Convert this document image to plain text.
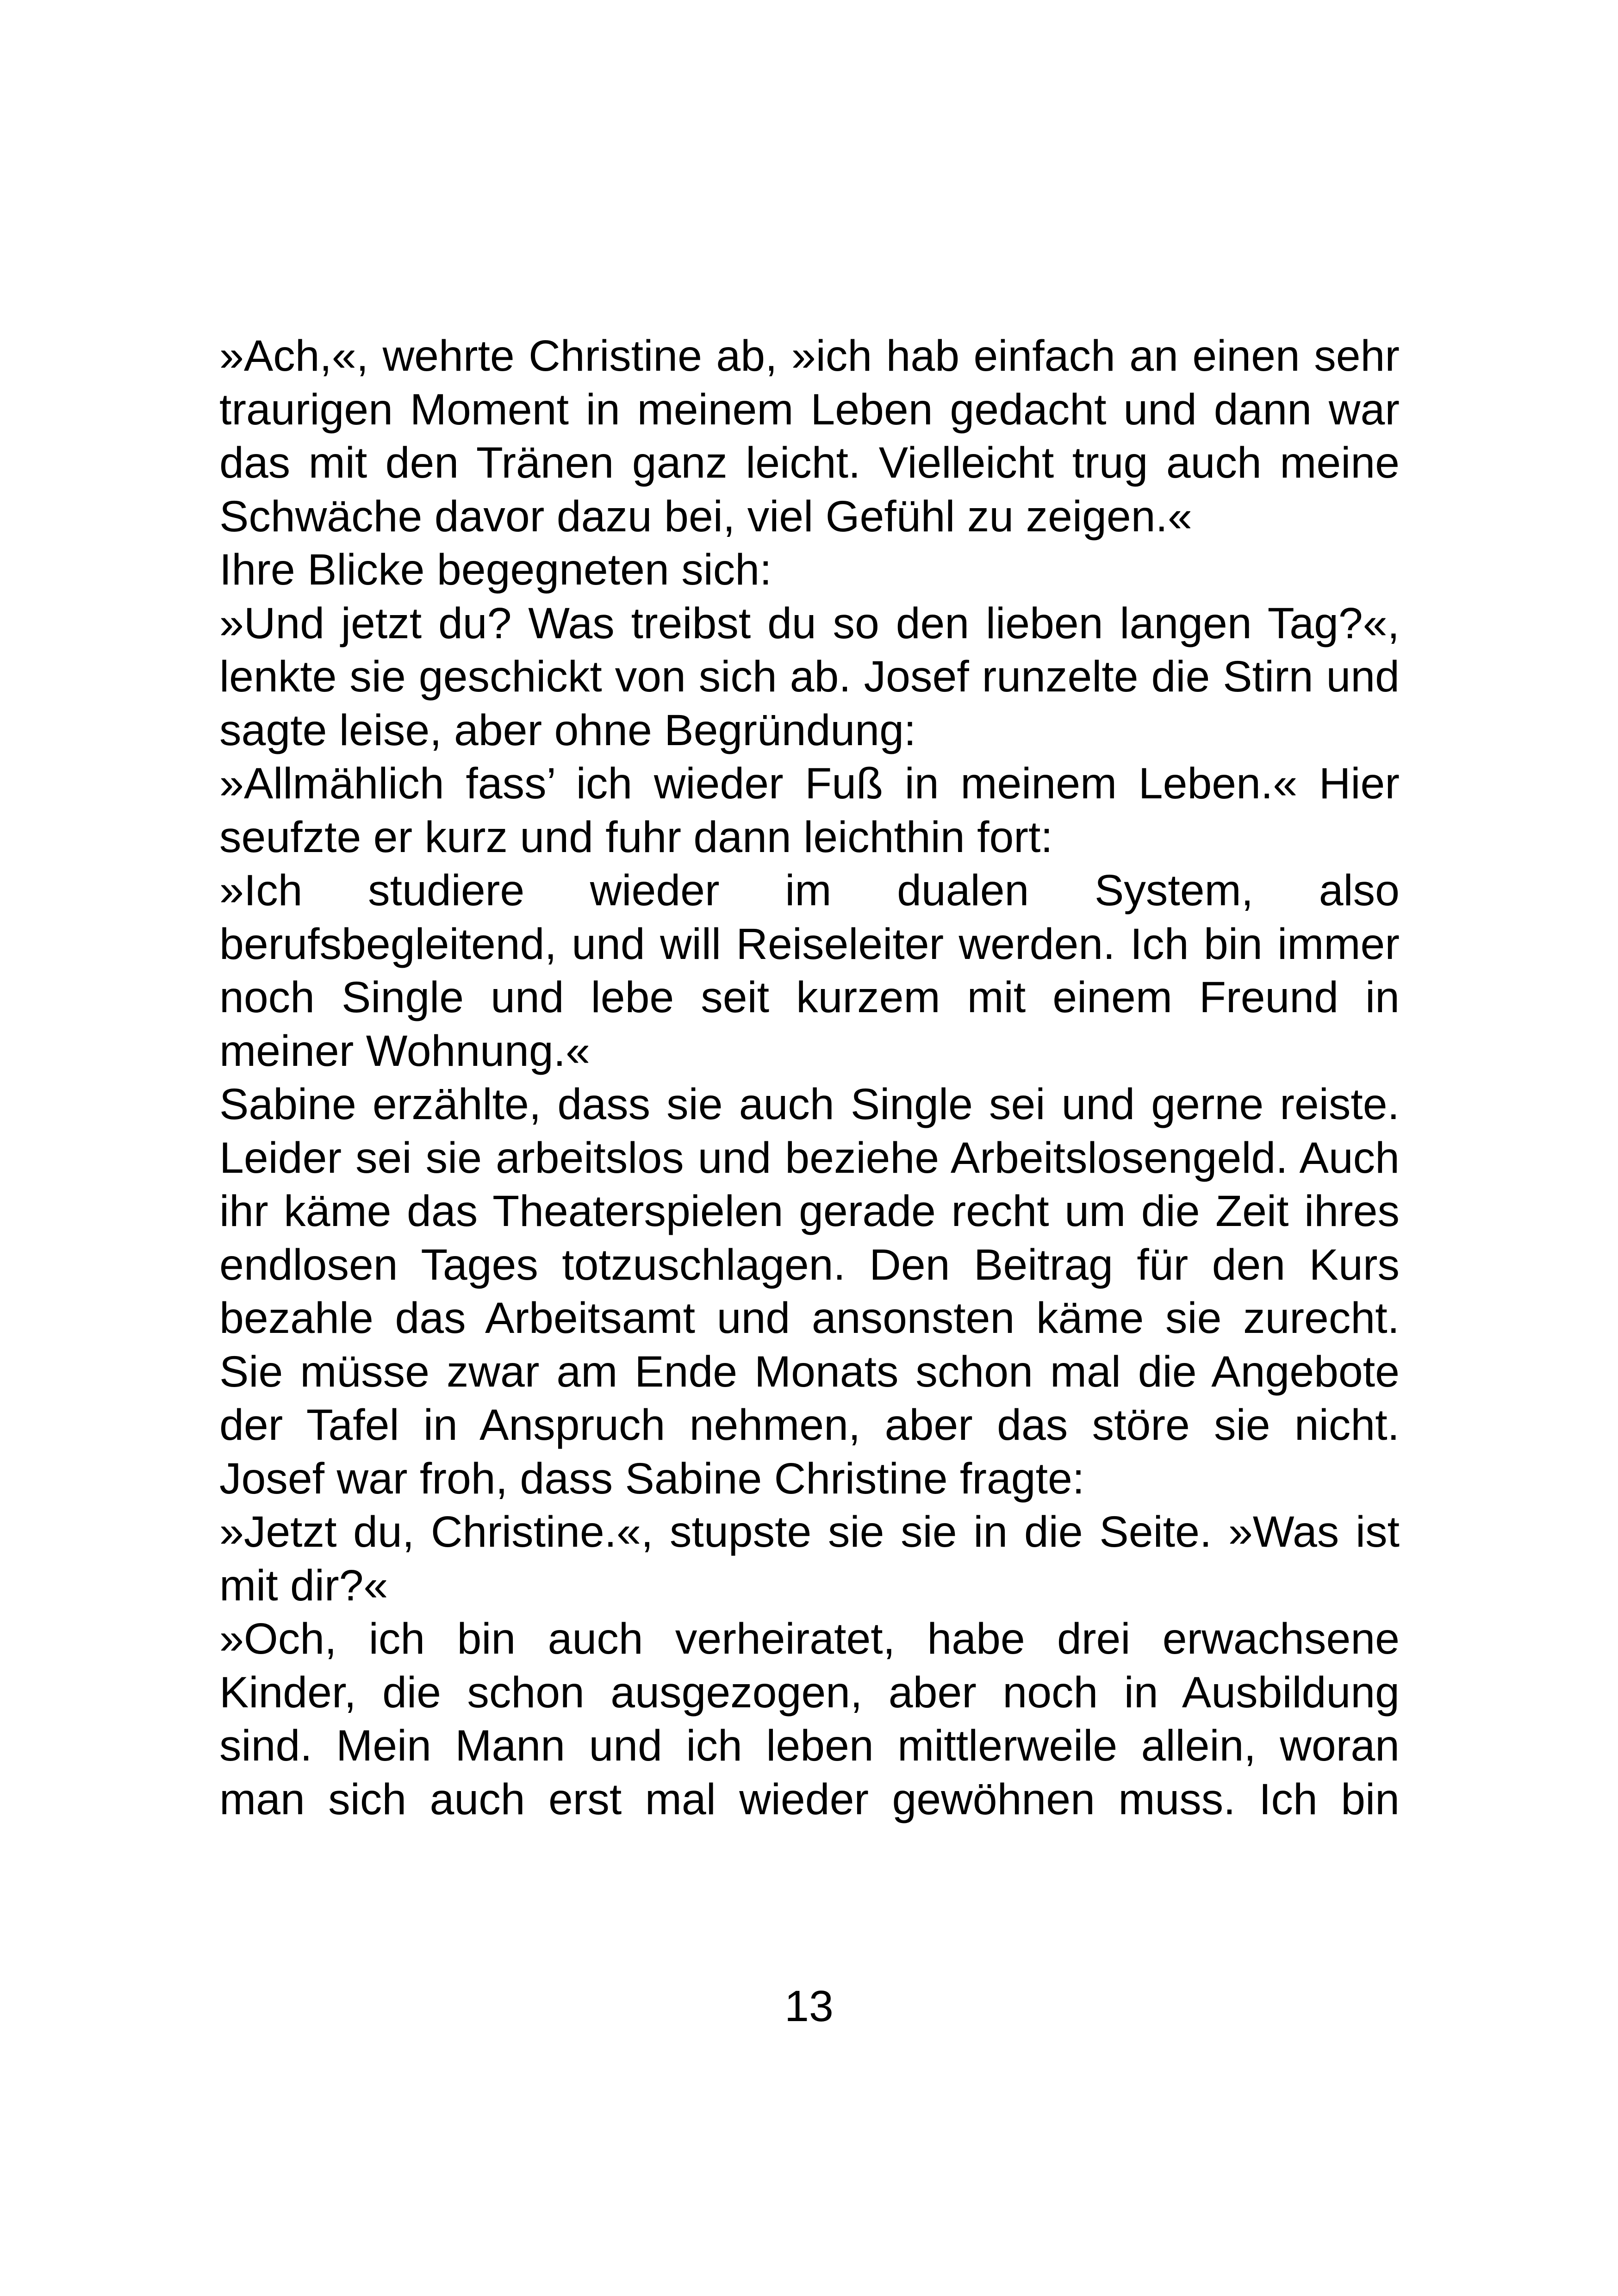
»Ach,«, wehrte Christine ab, »ich hab einfach an einen sehr traurigen Moment in meinem Leben gedacht und dann war das mit den Tränen ganz leicht. Vielleicht trug auch meine Schwäche davor dazu bei, viel Gefühl zu zeigen.«

Ihre Blicke begegneten sich:

»Und jetzt du? Was treibst du so den lieben langen Tag?«, lenkte sie geschickt von sich ab. Josef runzelte die Stirn und sagte leise, aber ohne Begründung:

»Allmählich fass’ ich wieder Fuß in meinem Leben.« Hier seufzte er kurz und fuhr dann leichthin fort:

»Ich studiere wieder im dualen System, also berufsbegleitend, und will Reiseleiter werden. Ich bin immer noch Single und lebe seit kurzem mit einem Freund in meiner Wohnung.«

Sabine erzählte, dass sie auch Single sei und gerne reiste. Leider sei sie arbeitslos und beziehe Arbeitslosengeld. Auch ihr käme das Theaterspielen gerade recht um die Zeit ihres endlosen Tages totzuschlagen. Den Beitrag für den Kurs bezahle das Arbeitsamt und ansonsten käme sie zurecht. Sie müsse zwar am Ende Monats schon mal die Angebote der Tafel in Anspruch nehmen, aber das störe sie nicht. Josef war froh, dass Sabine Christine fragte:

»Jetzt du, Christine.«, stupste sie sie in die Seite. »Was ist mit dir?«

»Och, ich bin auch verheiratet, habe drei erwachsene Kinder, die schon ausgezogen, aber noch in Ausbildung sind. Mein Mann und ich leben mittlerweile allein, woran man sich auch erst mal wieder gewöhnen muss. Ich bin

13
